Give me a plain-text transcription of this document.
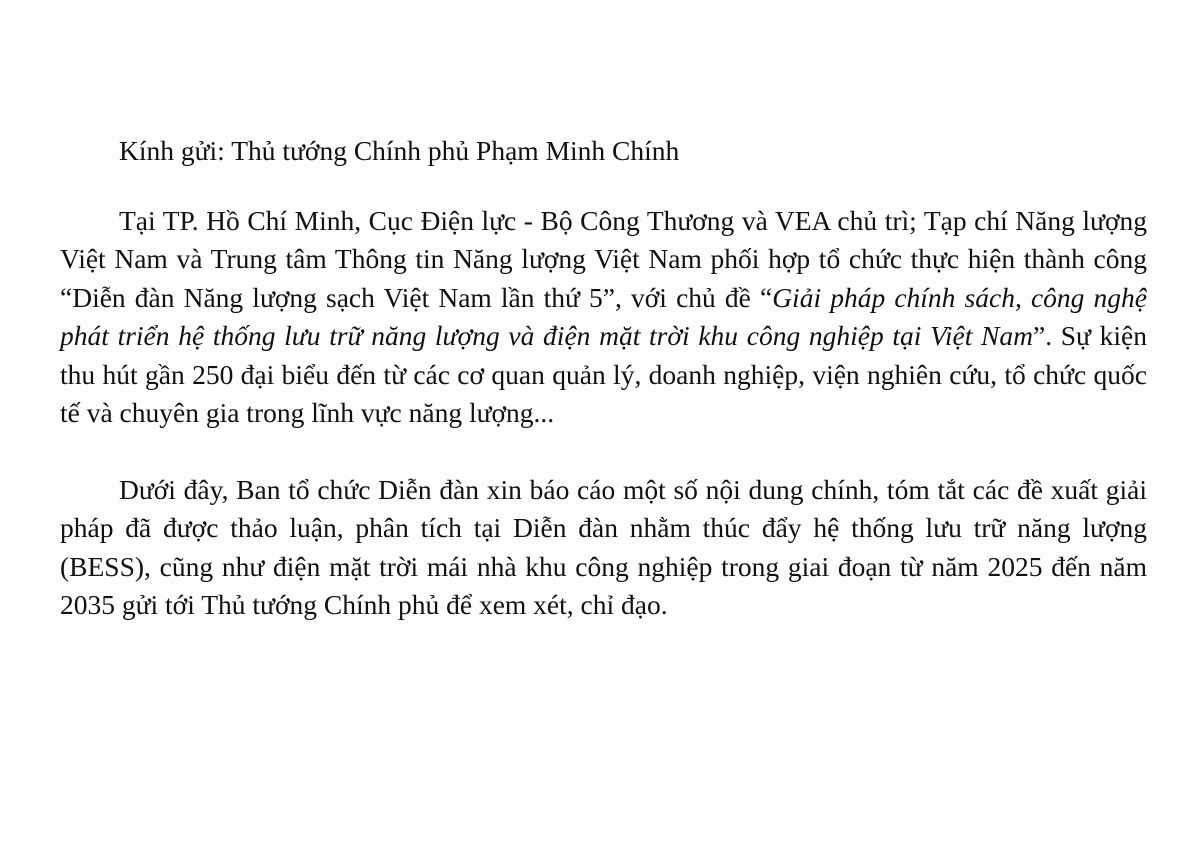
Kính gửi: Thủ tướng Chính phủ Phạm Minh Chính

Tại TP. Hồ Chí Minh, Cục Điện lực - Bộ Công Thương và VEA chủ trì; Tạp chí Năng lượng Việt Nam và Trung tâm Thông tin Năng lượng Việt Nam phối hợp tổ chức thực hiện thành công “Diễn đàn Năng lượng sạch Việt Nam lần thứ 5”, với chủ đề “Giải pháp chính sách, công nghệ phát triển hệ thống lưu trữ năng lượng và điện mặt trời khu công nghiệp tại Việt Nam”. Sự kiện thu hút gần 250 đại biểu đến từ các cơ quan quản lý, doanh nghiệp, viện nghiên cứu, tổ chức quốc tế và chuyên gia trong lĩnh vực năng lượng...

Dưới đây, Ban tổ chức Diễn đàn xin báo cáo một số nội dung chính, tóm tắt các đề xuất giải pháp đã được thảo luận, phân tích tại Diễn đàn nhằm thúc đẩy hệ thống lưu trữ năng lượng (BESS), cũng như điện mặt trời mái nhà khu công nghiệp trong giai đoạn từ năm 2025 đến năm 2035 gửi tới Thủ tướng Chính phủ để xem xét, chỉ đạo.
